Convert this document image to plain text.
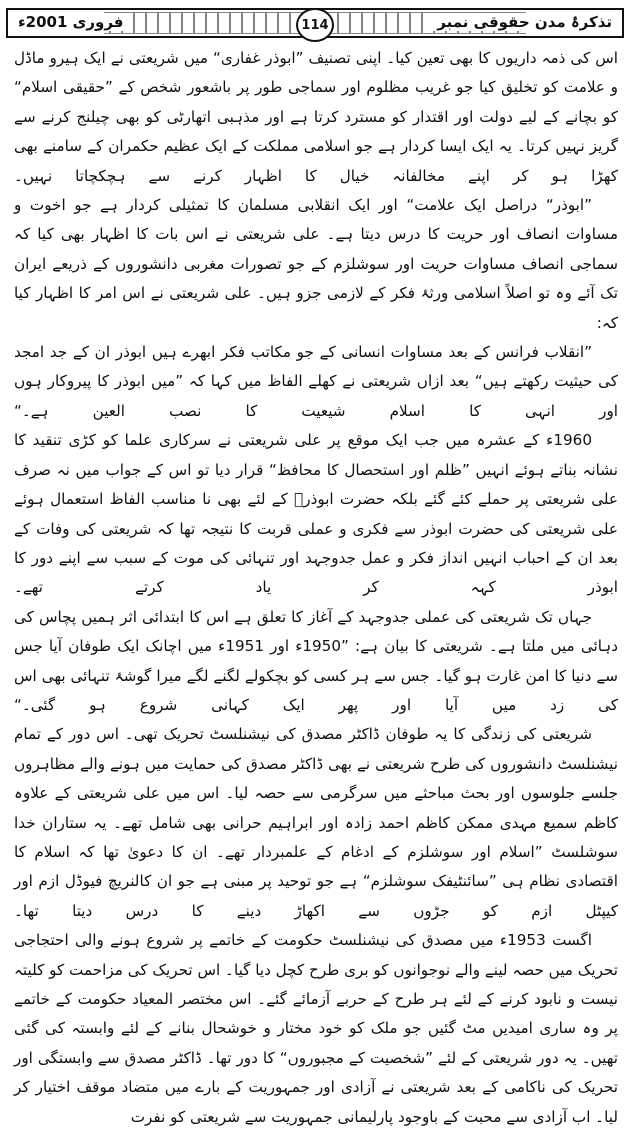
تذکرۂ مدن حقوقی نمبر
فروری 2001ء	114

اس کی ذمہ داریوں کا بھی تعین کیا۔ اپنی تصنیف ”ابوذر غفاری“ میں شریعتی نے ایک ہیرو ماڈل و علامت کو تخلیق کیا جو غریب مظلوم اور سماجی طور پر باشعور شخص کے ”حقیقی اسلام“ کو بچانے کے لیے دولت اور اقتدار کو مسترد کرتا ہے اور مذہبی اتھارٹی کو بھی چیلنج کرنے سے گریز نہیں کرتا۔ یہ ایک ایسا کردار ہے جو اسلامی مملکت کے ایک عظیم حکمران کے سامنے بھی کھڑا ہو کر اپنے مخالفانہ خیال کا اظہار کرنے سے ہچکچاتا نہیں۔

”ابوذر“ دراصل ایک علامت“ اور ایک انقلابی مسلمان کا تمثیلی کردار ہے جو اخوت و مساوات انصاف اور حریت کا درس دیتا ہے۔ علی شریعتی نے اس بات کا اظہار بھی کیا کہ سماجی انصاف مساوات حریت اور سوشلزم کے جو تصورات مغربی دانشوروں کے ذریعے ایران تک آئے وہ تو اصلاً اسلامی ورثۂ فکر کے لازمی جزو ہیں۔ علی شریعتی نے اس امر کا اظہار کیا کہ:

”انقلاب فرانس کے بعد مساوات انسانی کے جو مکاتب فکر ابھرے ہیں ابوذر ان کے جد امجد کی حیثیت رکھتے ہیں“ بعد ازاں شریعتی نے کھلے الفاظ میں کہا کہ ”میں ابوذر کا پیروکار ہوں اور انہی کا اسلام شیعیت کا نصب العین ہے۔“

1960ء کے عشرہ میں جب ایک موقع پر علی شریعتی نے سرکاری علما کو کڑی تنقید کا نشانہ بناتے ہوئے انہیں ”ظلم اور استحصال کا محافظ“ قرار دیا تو اس کے جواب میں نہ صرف علی شریعتی پر حملے کئے گئے بلکہ حضرت ابوذرؓ کے لئے بھی نا مناسب الفاظ استعمال ہوئے علی شریعتی کی حضرت ابوذر سے فکری و عملی قربت کا نتیجہ تھا کہ شریعتی کی وفات کے بعد ان کے احباب انہیں انداز فکر و عمل جدوجہد اور تنہائی کی موت کے سبب سے اپنے دور کا ابوذر کہہ کر یاد کرتے تھے۔

جہاں تک شریعتی کی عملی جدوجہد کے آغاز کا تعلق ہے اس کا ابتدائی اثر ہمیں پچاس کی دہائی میں ملتا ہے۔ شریعتی کا بیان ہے: ”1950ء اور 1951ء میں اچانک ایک طوفان آیا جس سے دنیا کا امن غارت ہو گیا۔ جس سے ہر کسی کو بچکولے لگنے لگے میرا گوشۂ تنہائی بھی اس کی زد میں آیا اور پھر ایک کہانی شروع ہو گئی۔“

شریعتی کی زندگی کا یہ طوفان ڈاکٹر مصدق کی نیشنلسٹ تحریک تھی۔ اس دور کے تمام نیشنلسٹ دانشوروں کی طرح شریعتی نے بھی ڈاکٹر مصدق کی حمایت میں ہونے والے مظاہروں جلسے جلوسوں اور بحث مباحثے میں سرگرمی سے حصہ لیا۔ اس میں علی شریعتی کے علاوہ کاظم سمیع مہدی ممکن کاظم احمد زادہ اور ابراہیم حرانی بھی شامل تھے۔ یہ ستاران خدا سوشلسٹ ”اسلام اور سوشلزم کے ادغام کے علمبردار تھے۔ ان کا دعویٰ تھا کہ اسلام کا اقتصادی نظام ہی ”سائنٹیفک سوشلزم“ ہے جو توحید پر مبنی ہے جو ان کالنریچ فیوڈل ازم اور کیپٹل ازم کو جڑوں سے اکھاڑ دینے کا درس دیتا تھا۔

اگست 1953ء میں مصدق کی نیشنلسٹ حکومت کے خاتمے پر شروع ہونے والی احتجاجی تحریک میں حصہ لینے والے نوجوانوں کو بری طرح کچل دیا گیا۔ اس تحریک کی مزاحمت کو کلیتہ نیست و نابود کرنے کے لئے ہر طرح کے حربے آزمائے گئے۔ اس مختصر المعیاد حکومت کے خاتمے پر وہ ساری امیدیں مٹ گئیں جو ملک کو خود مختار و خوشحال بنانے کے لئے وابستہ کی گئی تھیں۔ یہ دور شریعتی کے لئے ”شخصیت کے مجبوروں“ کا دور تھا۔ ڈاکٹر مصدق سے وابستگی اور تحریک کی ناکامی کے بعد شریعتی نے آزادی اور جمہوریت کے بارے میں متضاد موقف اختیار کر لیا۔ اب آزادی سے محبت کے باوجود پارلیمانی جمہوریت سے شریعتی کو نفرت
